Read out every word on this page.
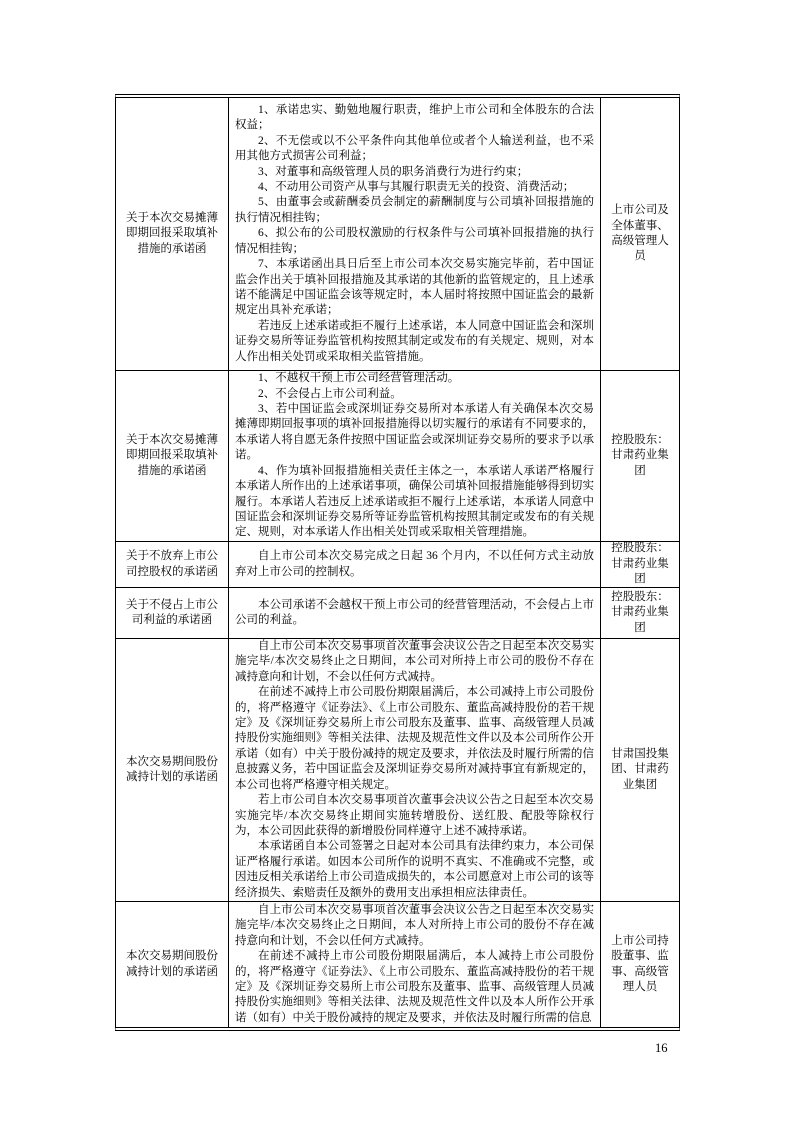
关于本次交易摊薄即期回报采取填补措施的承诺函

1、承诺忠实、勤勉地履行职责，维护上市公司和全体股东的合法权益；

2、不无偿或以不公平条件向其他单位或者个人输送利益，也不采用其他方式损害公司利益；

3、对董事和高级管理人员的职务消费行为进行约束；

4、不动用公司资产从事与其履行职责无关的投资、消费活动；

5、由董事会或薪酬委员会制定的薪酬制度与公司填补回报措施的执行情况相挂钩；

6、拟公布的公司股权激励的行权条件与公司填补回报措施的执行情况相挂钩；

7、本承诺函出具日后至上市公司本次交易实施完毕前，若中国证监会作出关于填补回报措施及其承诺的其他新的监管规定的，且上述承诺不能满足中国证监会该等规定时，本人届时将按照中国证监会的最新规定出具补充承诺；

若违反上述承诺或拒不履行上述承诺，本人同意中国证监会和深圳证券交易所等证券监管机构按照其制定或发布的有关规定、规则，对本人作出相关处罚或采取相关监管措施。

上市公司及全体董事、高级管理人员
关于本次交易摊薄即期回报采取填补措施的承诺函

1、不越权干预上市公司经营管理活动。

2、不会侵占上市公司利益。

3、若中国证监会或深圳证券交易所对本承诺人有关确保本次交易摊薄即期回报事项的填补回报措施得以切实履行的承诺有不同要求的，本承诺人将自愿无条件按照中国证监会或深圳证券交易所的要求予以承诺。

4、作为填补回报措施相关责任主体之一，本承诺人承诺严格履行本承诺人所作出的上述承诺事项，确保公司填补回报措施能够得到切实履行。本承诺人若违反上述承诺或拒不履行上述承诺，本承诺人同意中国证监会和深圳证券交易所等证券监管机构按照其制定或发布的有关规定、规则，对本承诺人作出相关处罚或采取相关管理措施。

控股股东：甘肃药业集团
关于不放弃上市公司控股权的承诺函

自上市公司本次交易完成之日起 36 个月内，不以任何方式主动放弃对上市公司的控制权。

控股股东：甘肃药业集团
关于不侵占上市公司利益的承诺函

本公司承诺不会越权干预上市公司的经营管理活动，不会侵占上市公司的利益。

控股股东：甘肃药业集团
本次交易期间股份减持计划的承诺函

自上市公司本次交易事项首次董事会决议公告之日起至本次交易实施完毕/本次交易终止之日期间，本公司对所持上市公司的股份不存在减持意向和计划，不会以任何方式减持。

在前述不减持上市公司股份期限届满后，本公司减持上市公司股份的，将严格遵守《证券法》、《上市公司股东、董监高减持股份的若干规定》及《深圳证券交易所上市公司股东及董事、监事、高级管理人员减持股份实施细则》等相关法律、法规及规范性文件以及本公司所作公开承诺（如有）中关于股份减持的规定及要求，并依法及时履行所需的信息披露义务，若中国证监会及深圳证券交易所对减持事宜有新规定的，本公司也将严格遵守相关规定。

若上市公司自本次交易事项首次董事会决议公告之日起至本次交易实施完毕/本次交易终止期间实施转增股份、送红股、配股等除权行为，本公司因此获得的新增股份同样遵守上述不减持承诺。

本承诺函自本公司签署之日起对本公司具有法律约束力，本公司保证严格履行承诺。如因本公司所作的说明不真实、不准确或不完整，或因违反相关承诺给上市公司造成损失的，本公司愿意对上市公司的该等经济损失、索赔责任及额外的费用支出承担相应法律责任。

甘肃国投集团、甘肃药业集团
本次交易期间股份减持计划的承诺函

自上市公司本次交易事项首次董事会决议公告之日起至本次交易实施完毕/本次交易终止之日期间，本人对所持上市公司的股份不存在减持意向和计划，不会以任何方式减持。

在前述不减持上市公司股份期限届满后，本人减持上市公司股份的，将严格遵守《证券法》、《上市公司股东、董监高减持股份的若干规定》及《深圳证券交易所上市公司股东及董事、监事、高级管理人员减持股份实施细则》等相关法律、法规及规范性文件以及本人所作公开承诺（如有）中关于股份减持的规定及要求，并依法及时履行所需的信息

上市公司持股董事、监事、高级管理人员
16
